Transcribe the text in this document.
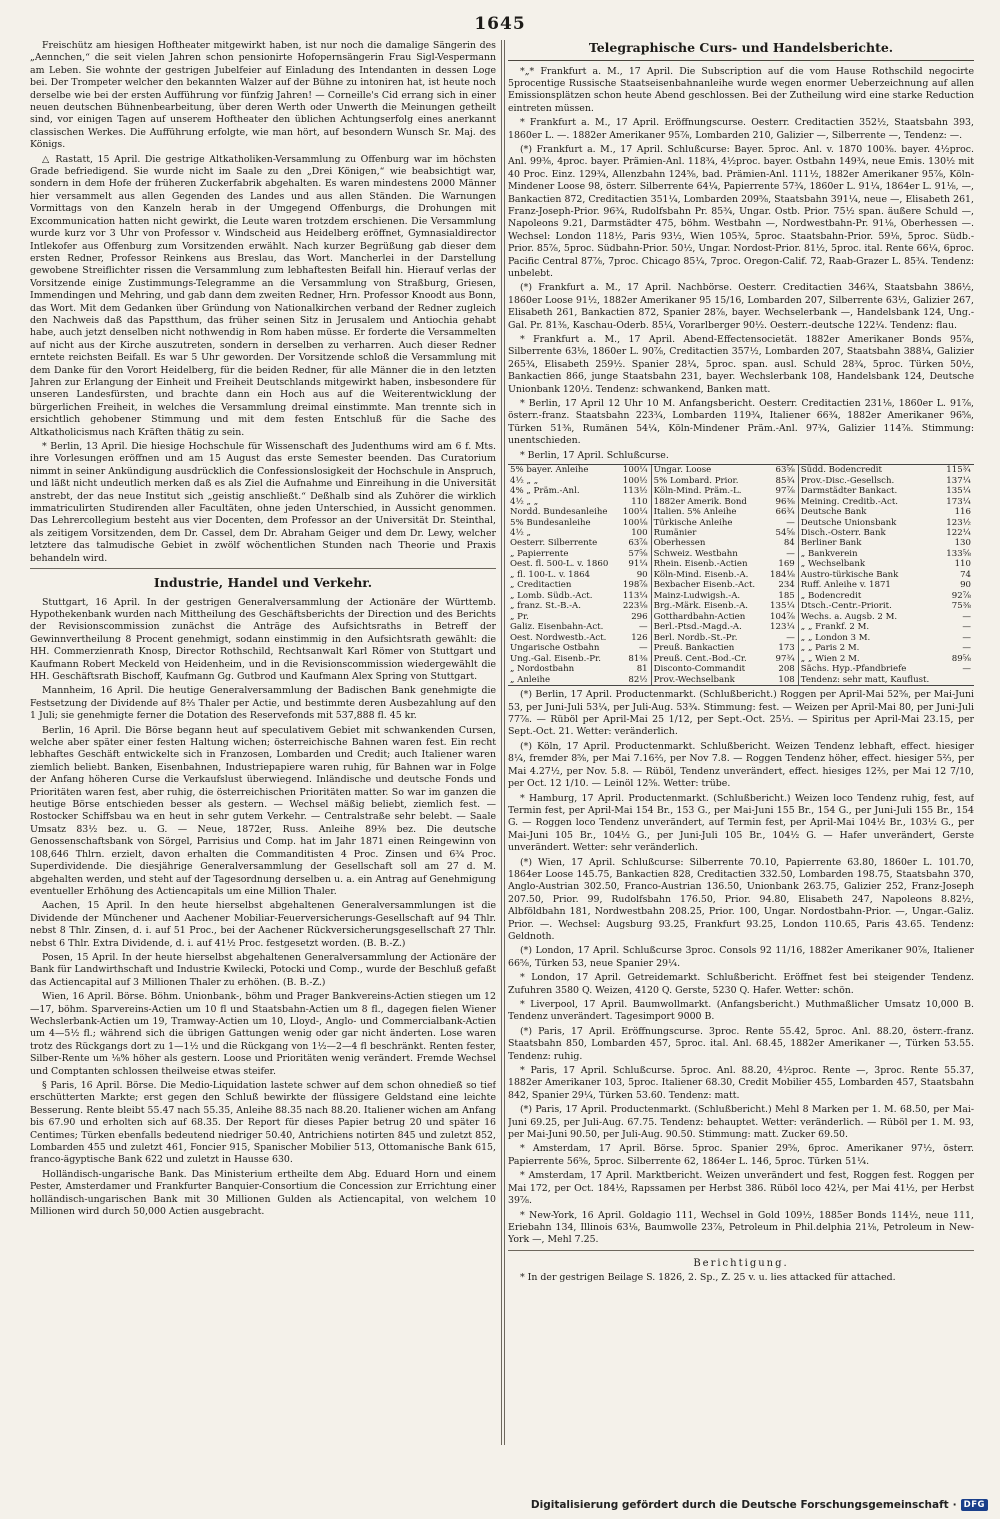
1645

Freischütz am hiesigen Hoftheater mitgewirkt haben, ist nur noch die damalige Sängerin des „Aennchen,“ die seit vielen Jahren schon pensionirte Hofopernsängerin Frau Sigl-Vespermann am Leben. Sie wohnte der gestrigen Jubelfeier auf Einladung des Intendanten in dessen Loge bei. Der Trompeter welcher den bekannten Walzer auf der Bühne zu intoniren hat, ist heute noch derselbe wie bei der ersten Aufführung vor fünfzig Jahren! — Corneille's Cid errang sich in einer neuen deutschen Bühnenbearbeitung, über deren Werth oder Unwerth die Meinungen getheilt sind, vor einigen Tagen auf unserem Hoftheater den üblichen Achtungserfolg eines anerkannt classischen Werkes. Die Aufführung erfolgte, wie man hört, auf besondern Wunsch Sr. Maj. des Königs.

△ Rastatt, 15 April. Die gestrige Altkatholiken-Versammlung zu Offenburg war im höchsten Grade befriedigend. Sie wurde nicht im Saale zu den „Drei Königen,“ wie beabsichtigt war, sondern in dem Hofe der früheren Zuckerfabrik abgehalten. Es waren mindestens 2000 Männer hier versammelt aus allen Gegenden des Landes und aus allen Ständen. Die Warnungen Vormittags von den Kanzeln herab in der Umgegend Offenburgs, die Drohungen mit Excommunication hatten nicht gewirkt, die Leute waren trotzdem erschienen. Die Versammlung wurde kurz vor 3 Uhr von Professor v. Windscheid aus Heidelberg eröffnet, Gymnasialdirector Intlekofer aus Offenburg zum Vorsitzenden erwählt. Nach kurzer Begrüßung gab dieser dem ersten Redner, Professor Reinkens aus Breslau, das Wort. Mancherlei in der Darstellung gewobene Streiflichter rissen die Versammlung zum lebhaftesten Beifall hin. Hierauf verlas der Vorsitzende einige Zustimmungs-Telegramme an die Versammlung von Straßburg, Griesen, Immendingen und Mehring, und gab dann dem zweiten Redner, Hrn. Professor Knoodt aus Bonn, das Wort. Mit dem Gedanken über Gründung von Nationalkirchen verband der Redner zugleich den Nachweis daß das Papstthum, das früher seinen Sitz in Jerusalem und Antiochia gehabt habe, auch jetzt denselben nicht nothwendig in Rom haben müsse. Er forderte die Versammelten auf nicht aus der Kirche auszutreten, sondern in derselben zu verharren. Auch dieser Redner erntete reichsten Beifall. Es war 5 Uhr geworden. Der Vorsitzende schloß die Versammlung mit dem Danke für den Vorort Heidelberg, für die beiden Redner, für alle Männer die in den letzten Jahren zur Erlangung der Einheit und Freiheit Deutschlands mitgewirkt haben, insbesondere für unseren Landesfürsten, und brachte dann ein Hoch aus auf die Weiterentwicklung der bürgerlichen Freiheit, in welches die Versammlung dreimal einstimmte. Man trennte sich in ersichtlich gehobener Stimmung und mit dem festen Entschluß für die Sache des Altkatholicismus nach Kräften thätig zu sein.

* Berlin, 13 April. Die hiesige Hochschule für Wissenschaft des Judenthums wird am 6 f. Mts. ihre Vorlesungen eröffnen und am 15 August das erste Semester beenden. Das Curatorium nimmt in seiner Ankündigung ausdrücklich die Confessionslosigkeit der Hochschule in Anspruch, und läßt nicht undeutlich merken daß es als Ziel die Aufnahme und Einreihung in die Universität anstrebt, der das neue Institut sich „geistig anschließt.“ Deßhalb sind als Zuhörer die wirklich immatriculirten Studirenden aller Facultäten, ohne jeden Unterschied, in Aussicht genommen. Das Lehrercollegium besteht aus vier Docenten, dem Professor an der Universität Dr. Steinthal, als zeitigem Vorsitzenden, dem Dr. Cassel, dem Dr. Abraham Geiger und dem Dr. Lewy, welcher letztere das talmudische Gebiet in zwölf wöchentlichen Stunden nach Theorie und Praxis behandeln wird.

Industrie, Handel und Verkehr.

Stuttgart, 16 April. In der gestrigen Generalversammlung der Actionäre der Württemb. Hypothekenbank wurden nach Mittheilung des Geschäftsberichts der Direction und des Berichts der Revisionscommission zunächst die Anträge des Aufsichtsraths in Betreff der Gewinnvertheilung 8 Procent genehmigt, sodann einstimmig in den Aufsichtsrath gewählt: die HH. Commerzienrath Knosp, Director Rothschild, Rechtsanwalt Karl Römer von Stuttgart und Kaufmann Robert Meckeld von Heidenheim, und in die Revisionscommission wiedergewählt die HH. Geschäftsrath Bischoff, Kaufmann Gg. Gutbrod und Kaufmann Alex Spring von Stuttgart.

Mannheim, 16 April. Die heutige Generalversammlung der Badischen Bank genehmigte die Festsetzung der Dividende auf 8⅔ Thaler per Actie, und bestimmte deren Ausbezahlung auf den 1 Juli; sie genehmigte ferner die Dotation des Reservefonds mit 537,888 fl. 45 kr.

Berlin, 16 April. Die Börse begann heut auf speculativem Gebiet mit schwankenden Cursen, welche aber später einer festen Haltung wichen; österreichische Bahnen waren fest. Ein recht lebhaftes Geschäft entwickelte sich in Franzosen, Lombarden und Credit; auch Italiener waren ziemlich beliebt. Banken, Eisenbahnen, Industriepapiere waren ruhig, für Bahnen war in Folge der Anfang höheren Curse die Verkaufslust überwiegend. Inländische und deutsche Fonds und Prioritäten waren fest, aber ruhig, die österreichischen Prioritäten matter. So war im ganzen die heutige Börse entschieden besser als gestern. — Wechsel mäßig beliebt, ziemlich fest. — Rostocker Schiffsbau wa en heut in sehr gutem Verkehr. — Centralstraße sehr belebt. — Saale Umsatz 83½ bez. u. G. — Neue, 1872er, Russ. Anleihe 89⅜ bez. Die deutsche Genossenschaftsbank von Sörgel, Parrisius und Comp. hat im Jahr 1871 einen Reingewinn von 108,646 Thlrn. erzielt, davon erhalten die Commanditisten 4 Proc. Zinsen und 6¾ Proc. Superdividende. Die diesjährige Generalversammlung der Gesellschaft soll am 27 d. M. abgehalten werden, und steht auf der Tagesordnung derselben u. a. ein Antrag auf Genehmigung eventueller Erhöhung des Actiencapitals um eine Million Thaler.

Aachen, 15 April. In den heute hierselbst abgehaltenen Generalversammlungen ist die Dividende der Münchener und Aachener Mobiliar-Feuerversicherungs-Gesellschaft auf 94 Thlr. nebst 8 Thlr. Zinsen, d. i. auf 51 Proc., bei der Aachener Rückversicherungsgesellschaft 27 Thlr. nebst 6 Thlr. Extra Dividende, d. i. auf 41½ Proc. festgesetzt worden. (B. B.-Z.)

Posen, 15 April. In der heute hierselbst abgehaltenen Generalversammlung der Actionäre der Bank für Landwirthschaft und Industrie Kwilecki, Potocki und Comp., wurde der Beschluß gefaßt das Actiencapital auf 3 Millionen Thaler zu erhöhen. (B. B.-Z.)

Wien, 16 April. Börse. Böhm. Unionbank-, böhm und Prager Bankvereins-Actien stiegen um 12—17, böhm. Sparvereins-Actien um 10 fl und Staatsbahn-Actien um 8 fl., dagegen fielen Wiener Wechslerbank-Actien um 19, Tramway-Actien um 10, Lloyd-, Anglo- und Commercialbank-Actien um 4—5½ fl.; während sich die übrigen Gattungen wenig oder gar nicht änderten. Lose waren trotz des Rückgangs dort zu 1—1½ und die Rückgang von 1½—2—4 fl beschränkt. Renten fester, Silber-Rente um ⅛% höher als gestern. Loose und Prioritäten wenig verändert. Fremde Wechsel und Comptanten schlossen theilweise etwas steifer.

§ Paris, 16 April. Börse. Die Medio-Liquidation lastete schwer auf dem schon ohnedieß so tief erschütterten Markte; erst gegen den Schluß bewirkte der flüssigere Geldstand eine leichte Besserung. Rente bleibt 55.47 nach 55.35, Anleihe 88.35 nach 88.20. Italiener wichen am Anfang bis 67.90 und erholten sich auf 68.35. Der Report für dieses Papier betrug 20 und später 16 Centimes; Türken ebenfalls bedeutend niedriger 50.40, Antrichiens notirten 845 und zuletzt 852, Lombarden 455 und zuletzt 461, Foncier 915, Spanischer Mobilier 513, Ottomanische Bank 615, franco-ägyptische Bank 622 und zuletzt in Hausse 630.

Holländisch-ungarische Bank. Das Ministerium ertheilte dem Abg. Eduard Horn und einem Pester, Amsterdamer und Frankfurter Banquier-Consortium die Concession zur Errichtung einer holländisch-ungarischen Bank mit 30 Millionen Gulden als Actiencapital, von welchem 10 Millionen wird durch 50,000 Actien ausgebracht.

Telegraphische Curs- und Handelsberichte.

*„* Frankfurt a. M., 17 April. Die Subscription auf die vom Hause Rothschild negocirte 5procentige Russische Staatseisenbahnanleihe wurde wegen enormer Ueberzeichnung auf allen Emissionsplätzen schon heute Abend geschlossen. Bei der Zutheilung wird eine starke Reduction eintreten müssen.

* Frankfurt a. M., 17 April. Eröffnungscurse. Oesterr. Creditactien 352½, Staatsbahn 393, 1860er L. —. 1882er Amerikaner 95⅞, Lombarden 210, Galizier —, Silberrente —, Tendenz: —.

(*) Frankfurt a. M., 17 April. Schlußcurse: Bayer. 5proc. Anl. v. 1870 100⅜. bayer. 4½proc. Anl. 99⅜, 4proc. bayer. Prämien-Anl. 118¾, 4½proc. bayer. Ostbahn 149¾, neue Emis. 130½ mit 40 Proc. Einz. 129¾, Allenzbahn 124⅝, bad. Prämien-Anl. 111½, 1882er Amerikaner 95⅞, Köln-Mindener Loose 98, österr. Silberrente 64¼, Papierrente 57¾, 1860er L. 91¼, 1864er L. 91⅛, —, Bankactien 872, Creditactien 351¼, Lombarden 209⅝, Staatsbahn 391¼, neue —, Elisabeth 261, Franz-Joseph-Prior. 96¾, Rudolfsbahn Pr. 85¾, Ungar. Ostb. Prior. 75½ span. äußere Schuld —, Napoleons 9.21, Darmstädter 475, böhm. Westbahn —, Nordwestbahn-Pr. 91⅛, Oberhessen —. Wechsel: London 118½, Paris 93½, Wien 105¾, 5proc. Staatsbahn-Prior. 59⅛, 5proc. Südb.-Prior. 85⅞, 5proc. Südbahn-Prior. 50½, Ungar. Nordost-Prior. 81½, 5proc. ital. Rente 66¼, 6proc. Pacific Central 87⅞, 7proc. Chicago 85¼, 7proc. Oregon-Calif. 72, Raab-Grazer L. 85¾. Tendenz: unbelebt.

(*) Frankfurt a. M., 17 April. Nachbörse. Oesterr. Creditactien 346¾, Staatsbahn 386½, 1860er Loose 91½, 1882er Amerikaner 95 15/16, Lombarden 207, Silberrente 63½, Galizier 267, Elisabeth 261, Bankactien 872, Spanier 28⅞, bayer. Wechselerbank —, Handelsbank 124, Ung.-Gal. Pr. 81⅜, Kaschau-Oderb. 85¼, Vorarlberger 90½. Oesterr.-deutsche 122¼. Tendenz: flau.

* Frankfurt a. M., 17 April. Abend-Effectensocietät. 1882er Amerikaner Bonds 95⅞, Silberrente 63⅛, 1860er L. 90⅞, Creditactien 357½, Lombarden 207, Staatsbahn 388¼, Galizier 265¾, Elisabeth 259½. Spanier 28¼, 5proc. span. ausl. Schuld 28¾, 5proc. Türken 50½, Bankactien 866, junge Staatsbahn 231, bayer. Wechslerbank 108, Handelsbank 124, Deutsche Unionbank 120½. Tendenz: schwankend, Banken matt.

* Berlin, 17 April 12 Uhr 10 M. Anfangsbericht. Oesterr. Creditactien 231⅛, 1860er L. 91⅞, österr.-franz. Staatsbahn 223¾, Lombarden 119¾, Italiener 66¾, 1882er Amerikaner 96⅝, Türken 51⅜, Rumänen 54¼, Köln-Mindener Präm.-Anl. 97¾, Galizier 114⅞. Stimmung: unentschieden.

* Berlin, 17 April. Schlußcurse.
5% bayer. Anleihe	100¼	Ungar. Loose	63⅝	Südd. Bodencredit	115¾
4½ „ „	100½	5% Lombard. Prior.	85¾	Prov.-Disc.-Gesellsch.	137¼
4% „ Präm.-Anl.	113½	Köln-Mind. Präm.-L.	97⅞	Darmstädter Bankact.	135¼
4½ „ „	110	1882er Amerik. Bond	96⅜	Meining. Creditb.-Act.	173¼
Nordd. Bundesanleihe	100¼	Italien. 5% Anleihe	66¾	Deutsche Bank	116
5% Bundesanleihe	100⅛	Türkische Anleihe	—	Deutsche Unionsbank	123½
4½ „	100	Rumänier	54⅝	Disch.-Österr. Bank	122¼
Oesterr. Silberrente	63⅞	Oberhessen	84	Berliner Bank	130
„ Papierrente	57⅝	Schweiz. Westbahn	—	„ Bankverein	133⅝
Oest. fl. 500-L. v. 1860	91¼	Rhein. Eisenb.-Actien	169	„ Wechselbank	110
„ fl. 100-L. v. 1864	90	Köln-Mind. Eisenb.-A.	184⅛	Austro-türkische Bank	74
„ Creditactien	198⅞	Bexbacher Eisenb.-Act.	234	Ruff. Anleihe v. 1871	90
„ Lomb. Südb.-Act.	113¼	Mainz-Ludwigsh.-A.	185	„ Bodencredit	92⅞
„ franz. St.-B.-A.	223⅛	Brg.-Märk. Eisenb.-A.	135¼	Dtsch.-Centr.-Priorit.	75⅜
„ Pr.	296	Gotthardbahn-Actien	104⅞	Wechs. a. Augsb. 2 M.	—
Galiz. Eisenbahn-Act.	—	Berl.-Ptsd.-Magd.-A.	123¼	„ „ Frankf. 2 M.	—
Oest. Nordwestb.-Act.	126	Berl. Nordb.-St.-Pr.	—	„ „ London 3 M.	—
Ungarische Ostbahn	—	Preuß. Bankactien	173	„ „ Paris 2 M.	—
Ung.-Gal. Eisenb.-Pr.	81⅜	Preuß. Cent.-Bod.-Cr.	97¾	„ „ Wien 2 M.	89⅝
„ Nordostbahn	81	Disconto-Commandit	208	Sächs. Hyp.-Pfandbriefe	—
„ Anleihe	82½	Prov.-Wechselbank	108	Tendenz: sehr matt, Kauflust.	

(*) Berlin, 17 April. Productenmarkt. (Schlußbericht.) Roggen per April-Mai 52⅝, per Mai-Juni 53, per Juni-Juli 53¼, per Juli-Aug. 53¾. Stimmung: fest. — Weizen per April-Mai 80, per Juni-Juli 77⅞. — Rüböl per April-Mai 25 1/12, per Sept.-Oct. 25⅓. — Spiritus per April-Mai 23.15, per Sept.-Oct. 21. Wetter: veränderlich.

(*) Köln, 17 April. Productenmarkt. Schlußbericht. Weizen Tendenz lebhaft, effect. hiesiger 8¼, fremder 8⅝, per Mai 7.16⅔, per Nov 7.8. — Roggen Tendenz höher, effect. hiesiger 5⅔, per Mai 4.27½, per Nov. 5.8. — Rüböl, Tendenz unverändert, effect. hiesiges 12⅔, per Mai 12 7/10, per Oct. 12 1/10. — Leinöl 12⅝. Wetter: trübe.

* Hamburg, 17 April. Productenmarkt. (Schlußbericht.) Weizen loco Tendenz ruhig, fest, auf Termin fest, per April-Mai 154 Br., 153 G., per Mai-Juni 155 Br., 154 G., per Juni-Juli 155 Br., 154 G. — Roggen loco Tendenz unverändert, auf Termin fest, per April-Mai 104½ Br., 103½ G., per Mai-Juni 105 Br., 104½ G., per Juni-Juli 105 Br., 104½ G. — Hafer unverändert, Gerste unverändert. Wetter: sehr veränderlich.

(*) Wien, 17 April. Schlußcurse: Silberrente 70.10, Papierrente 63.80, 1860er L. 101.70, 1864er Loose 145.75, Bankactien 828, Creditactien 332.50, Lombarden 198.75, Staatsbahn 370, Anglo-Austrian 302.50, Franco-Austrian 136.50, Unionbank 263.75, Galizier 252, Franz-Joseph 207.50, Prior. 99, Rudolfsbahn 176.50, Prior. 94.80, Elisabeth 247, Napoleons 8.82½, Albföldbahn 181, Nordwestbahn 208.25, Prior. 100, Ungar. Nordostbahn-Prior. —, Ungar.-Galiz. Prior. —. Wechsel: Augsburg 93.25, Frankfurt 93.25, London 110.65, Paris 43.65. Tendenz: Geldnoth.

(*) London, 17 April. Schlußcurse 3proc. Consols 92 11/16, 1882er Amerikaner 90⅞, Italiener 66⅝, Türken 53, neue Spanier 29¼.

* London, 17 April. Getreidemarkt. Schlußbericht. Eröffnet fest bei steigender Tendenz. Zufuhren 3580 Q. Weizen, 4120 Q. Gerste, 5230 Q. Hafer. Wetter: schön.

* Liverpool, 17 April. Baumwollmarkt. (Anfangsbericht.) Muthmaßlicher Umsatz 10,000 B. Tendenz unverändert. Tagesimport 9000 B.

(*) Paris, 17 April. Eröffnungscurse. 3proc. Rente 55.42, 5proc. Anl. 88.20, österr.-franz. Staatsbahn 850, Lombarden 457, 5proc. ital. Anl. 68.45, 1882er Amerikaner —, Türken 53.55. Tendenz: ruhig.

* Paris, 17 April. Schlußcurse. 5proc. Anl. 88.20, 4½proc. Rente —, 3proc. Rente 55.37, 1882er Amerikaner 103, 5proc. Italiener 68.30, Credit Mobilier 455, Lombarden 457, Staatsbahn 842, Spanier 29¼, Türken 53.60. Tendenz: matt.

(*) Paris, 17 April. Productenmarkt. (Schlußbericht.) Mehl 8 Marken per 1. M. 68.50, per Mai-Juni 69.25, per Juli-Aug. 67.75. Tendenz: behauptet. Wetter: veränderlich. — Rüböl per 1. M. 93, per Mai-Juni 90.50, per Juli-Aug. 90.50. Stimmung: matt. Zucker 69.50.

* Amsterdam, 17 April. Börse. 5proc. Spanier 29⅝, 6proc. Amerikaner 97½, österr. Papierrente 56⅝, 5proc. Silberrente 62, 1864er L. 146, 5proc. Türken 51¼.

* Amsterdam, 17 April. Marktbericht. Weizen unverändert und fest, Roggen fest. Roggen per Mai 172, per Oct. 184½, Rapssamen per Herbst 386. Rüböl loco 42¼, per Mai 41½, per Herbst 39⅞.

* New-York, 16 April. Goldagio 111, Wechsel in Gold 109½, 1885er Bonds 114½, neue 111, Eriebahn 134, Illinois 63⅛, Baumwolle 23⅞, Petroleum in Phil.delphia 21⅛, Petroleum in New-York —, Mehl 7.25.

Berichtigung.

* In der gestrigen Beilage S. 1826, 2. Sp., Z. 25 v. u. lies attacked für attached.

Digitalisierung gefördert durch die Deutsche Forschungsgemeinschaft · DFG
